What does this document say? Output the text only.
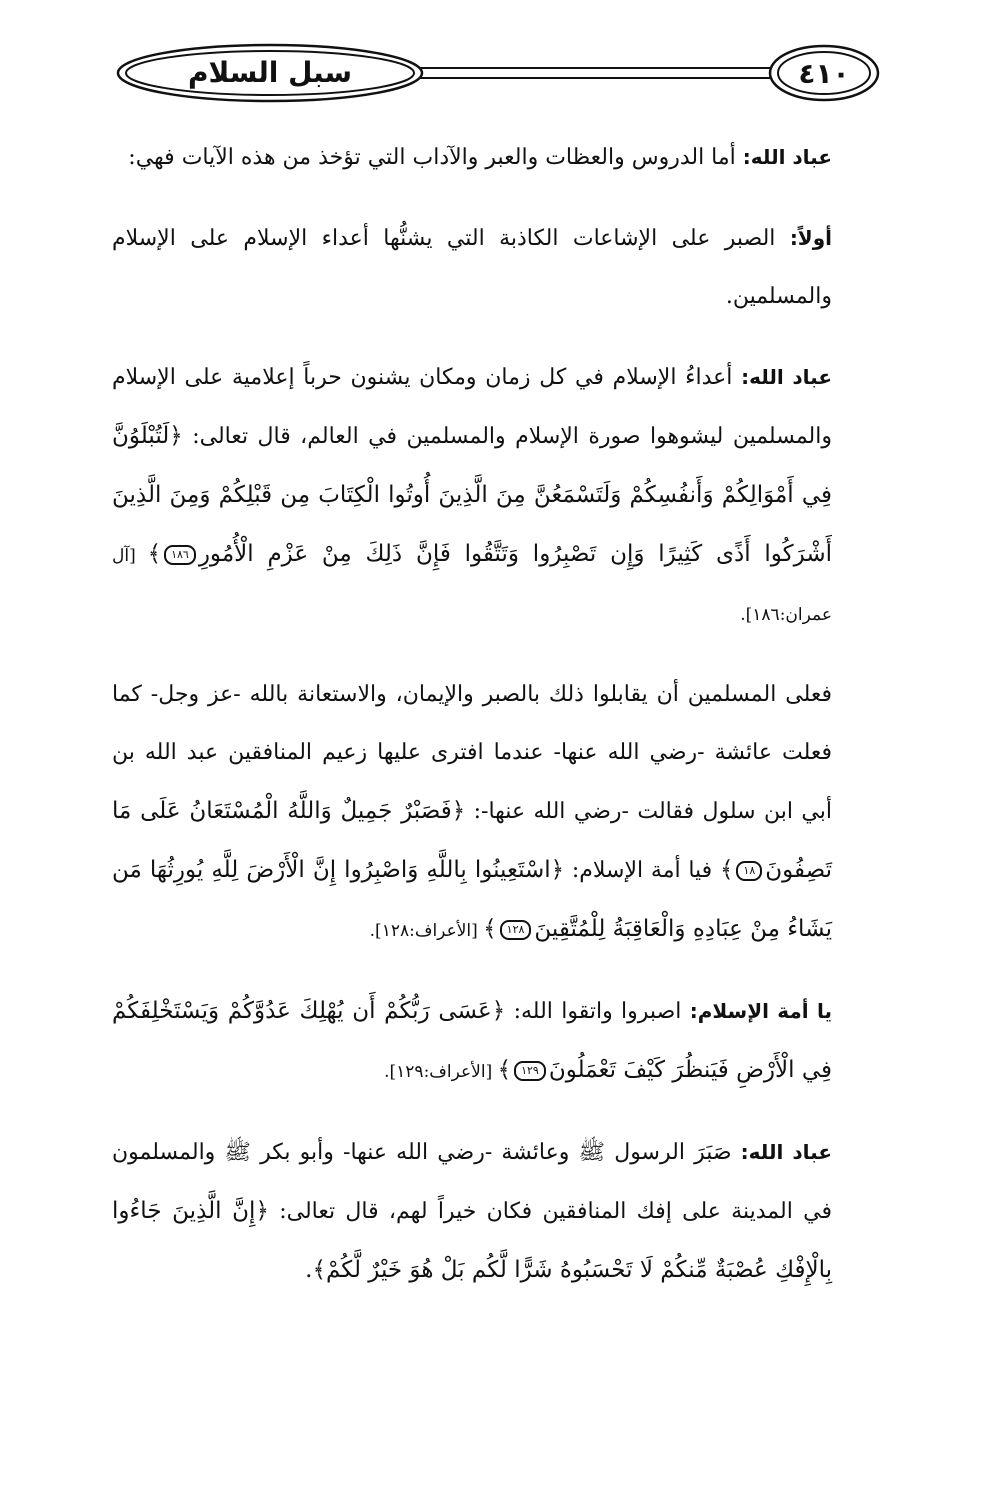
سبل السلام	٤١٠

عباد الله: أما الدروس والعظات والعبر والآداب التي تؤخذ من هذه الآيات فهي:

أولاً: الصبر على الإشاعات الكاذبة التي يشنُّها أعداء الإسلام على الإسلام والمسلمين.

عباد الله: أعداءُ الإسلام في كل زمان ومكان يشنون حرباً إعلامية على الإسلام والمسلمين ليشوهوا صورة الإسلام والمسلمين في العالم، قال تعالى: ﴿لَتُبْلَوُنَّ فِي أَمْوَالِكُمْ وَأَنفُسِكُمْ وَلَتَسْمَعُنَّ مِنَ الَّذِينَ أُوتُوا الْكِتَابَ مِن قَبْلِكُمْ وَمِنَ الَّذِينَ أَشْرَكُوا أَذًى كَثِيرًا وَإِن تَصْبِرُوا وَتَتَّقُوا فَإِنَّ ذَلِكَ مِنْ عَزْمِ الْأُمُورِ١٨٦﴾ [آل عمران:١٨٦].

فعلى المسلمين أن يقابلوا ذلك بالصبر والإيمان، والاستعانة بالله -عز وجل- كما فعلت عائشة -رضي الله عنها- عندما افترى عليها زعيم المنافقين عبد الله بن أبي ابن سلول فقالت -رضي الله عنها-: ﴿فَصَبْرٌ جَمِيلٌ وَاللَّهُ الْمُسْتَعَانُ عَلَى مَا تَصِفُونَ١٨﴾ فيا أمة الإسلام: ﴿اسْتَعِينُوا بِاللَّهِ وَاصْبِرُوا إِنَّ الْأَرْضَ لِلَّهِ يُورِثُهَا مَن يَشَاءُ مِنْ عِبَادِهِ وَالْعَاقِبَةُ لِلْمُتَّقِينَ١٢٨﴾ [الأعراف:١٢٨].

يا أمة الإسلام: اصبروا واتقوا الله: ﴿عَسَى رَبُّكُمْ أَن يُهْلِكَ عَدُوَّكُمْ وَيَسْتَخْلِفَكُمْ فِي الْأَرْضِ فَيَنظُرَ كَيْفَ تَعْمَلُونَ١٢٩﴾ [الأعراف:١٢٩].

عباد الله: صَبَرَ الرسول ﷺ وعائشة -رضي الله عنها- وأبو بكر ﷺ والمسلمون في المدينة على إفك المنافقين فكان خيراً لهم، قال تعالى: ﴿إِنَّ الَّذِينَ جَاءُوا بِالْإِفْكِ عُصْبَةٌ مِّنكُمْ لَا تَحْسَبُوهُ شَرًّا لَّكُم بَلْ هُوَ خَيْرٌ لَّكُمْ﴾.
